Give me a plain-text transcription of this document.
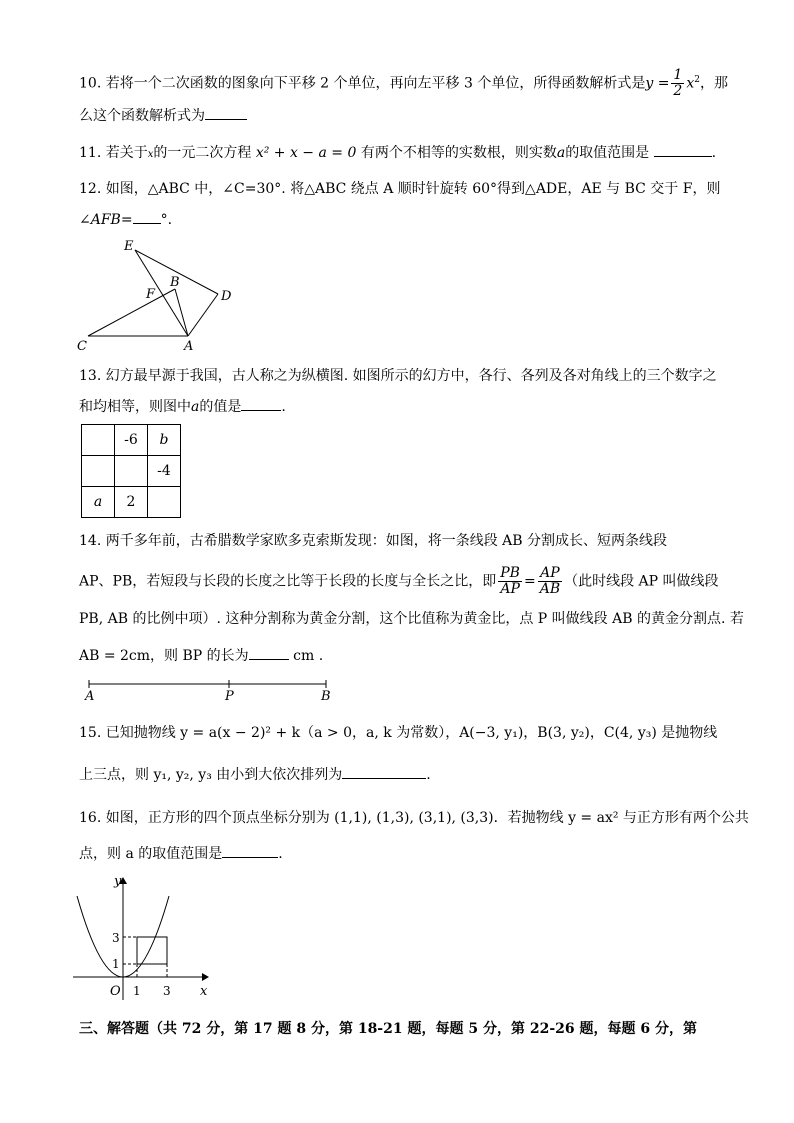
10. 若将一个二次函数的图象向下平移 2 个单位，再向左平移 3 个单位，所得函数解析式是$y = \frac{1}{2} x^2$，那
么这个函数解析式为
11. 若关于x的一元二次方程 x² + x − a = 0 有两个不相等的实数根，则实数a的取值范围是	.
12. 如图，△ABC 中，∠C=30°. 将△ABC 绕点 A 顺时针旋转 60°得到△ADE，AE 与 BC 交于 F，则
∠AFB= °.
E
B
F	D
C	A
13. 幻方最早源于我国，古人称之为纵横图. 如图所示的幻方中，各行、各列及各对角线上的三个数字之
和均相等，则图中a的值是	.
	-6	b
		-4
a	2	
14. 两千多年前，古希腊数学家欧多克索斯发现：如图，将一条线段 AB 分割成长、短两条线段
AP、PB，若短段与长段的长度之比等于长段的长度与全长之比，即 $\frac{PB}{AP} = \frac{AP}{AB}$ （此时线段 AP 叫做线段
PB, AB 的比例中项）. 这种分割称为黄金分割，这个比值称为黄金比，点 P 叫做线段 AB 的黄金分割点. 若
AB = 2cm，则 BP 的长为	cm .
A	P	B
15. 已知抛物线 y = a(x − 2)² + k（a > 0，a, k 为常数），A(−3, y₁)，B(3, y₂)，C(4, y₃) 是抛物线
上三点，则 y₁, y₂, y₃ 由小到大依次排列为	.
16. 如图，正方形的四个顶点坐标分别为 (1,1), (1,3), (3,1), (3,3)．若抛物线 y = ax² 与正方形有两个公共
点，则 a 的取值范围是	.
y
x
O 1 3
1
3
三、解答题（共 72 分，第 17 题 8 分，第 18-21 题，每题 5 分，第 22-26 题，每题 6 分，第
